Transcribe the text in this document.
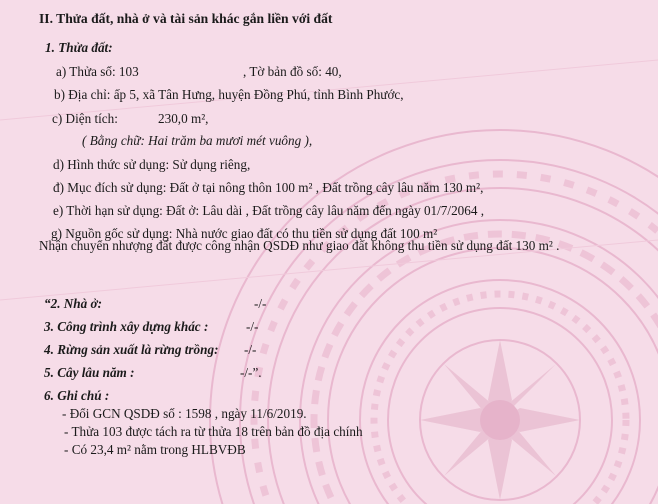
II. Thửa đất, nhà ở và tài sản khác gắn liền với đất
1. Thửa đất:
a) Thửa số: 103	, Tờ bản đồ số: 40,
b) Địa chỉ: ấp 5, xã Tân Hưng, huyện Đồng Phú, tỉnh Bình Phước,
c) Diện tích:	230,0 m²,
( Bằng chữ: Hai trăm ba mươi mét vuông ),
d) Hình thức sử dụng: Sử dụng riêng,
đ) Mục đích sử dụng: Đất ở tại nông thôn 100 m² , Đất trồng cây lâu năm 130 m²,
e) Thời hạn sử dụng: Đất ở: Lâu dài , Đất trồng cây lâu năm đến ngày 01/7/2064 ,
g) Nguồn gốc sử dụng: Nhà nước giao đất có thu tiền sử dụng đất 100 m²
Nhận chuyển nhượng đất được công nhận QSDĐ như giao đất không thu tiền sử dụng đất 130 m² .
“2. Nhà ở:	-/-
3. Công trình xây dựng khác :	-/-
4. Rừng sản xuất là rừng trồng: -/-
5. Cây lâu năm :	-/-”.
6. Ghi chú :
- Đổi GCN QSDĐ số : 1598 , ngày 11/6/2019.
- Thửa 103 được tách ra từ thửa 18 trên bản đồ địa chính
- Có 23,4 m² nằm trong HLBVĐB
